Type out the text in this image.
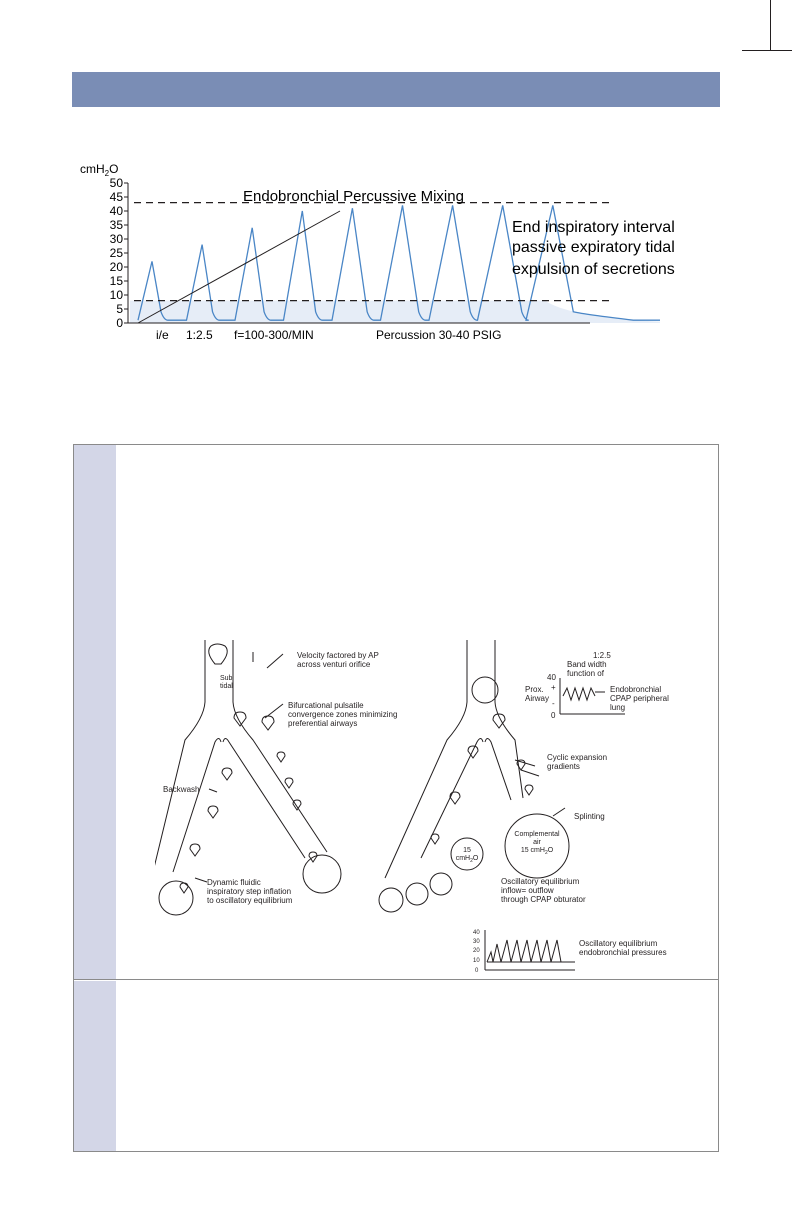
cmH$_2$O
0
5
10
15
20
25
30
35
40
45
50
Endobronchial Percussive Mixing
End inspiratory interval
passive expiratory tidal
expulsion of secretions
i/e 1:2.5 f=100-300/MIN	Percussion 30-40 PSIG
Sub
tidal
Velocity factored by AP
across venturi orifice
Bifurcational pulsatile
convergence zones minimizing
preferential airways
Backwash
Dynamic fluidic
inspiratory step inflation
to oscillatory equilibrium
1:2.5
Band width
function of
40
+
-
0
Prox.
Airway
Endobronchial
CPAP peripheral
lung
Cyclic expansion
gradients
Splinting
Complemental
air
15 cmH$_2$O
15
cmH$_2$O
Oscillatory equilibrium
inflow= outflow
through CPAP obturator
40
30
20
10
0
Oscillatory equilibrium
endobronchial pressures
